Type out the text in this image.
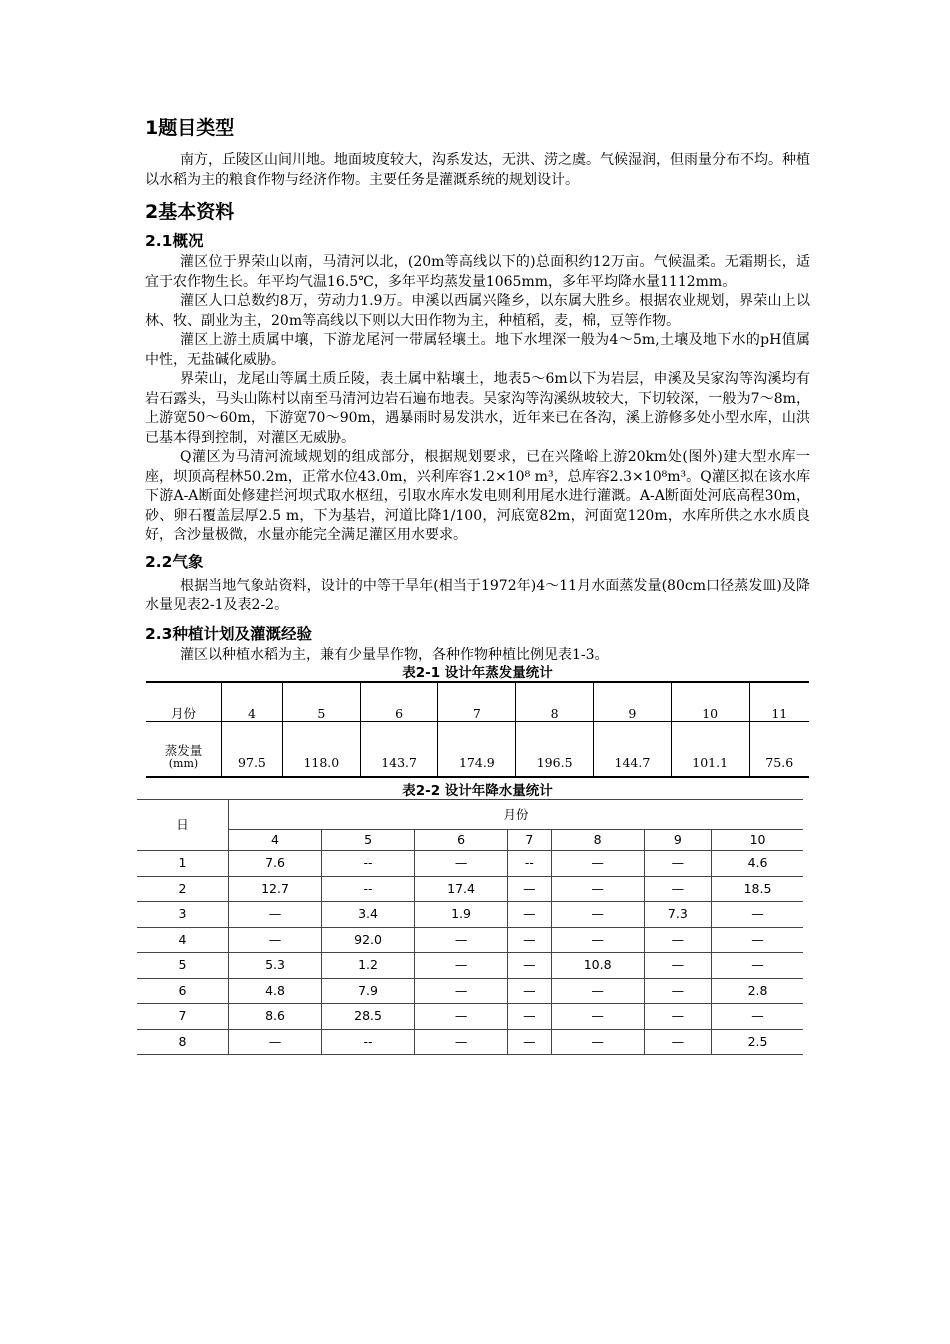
1题目类型

南方，丘陵区山间川地。地面坡度较大，沟系发达，无洪、涝之虞。气候湿润，但雨量分布不均。种植以水稻为主的粮食作物与经济作物。主要任务是灌溉系统的规划设计。

2基本资料
2.1概况

灌区位于界荣山以南，马清河以北，(20m等高线以下的)总面积约12万亩。气候温柔。无霜期长，适宜于农作物生长。年平均气温16.5℃，多年平均蒸发量1065mm，多年平均降水量1112mm。

灌区人口总数约8万，劳动力1.9万。申溪以西属兴隆乡，以东属大胜乡。根据农业规划，界荣山上以林、牧、副业为主，20m等高线以下则以大田作物为主，种植稻，麦，棉，豆等作物。

灌区上游土质属中壤，下游龙尾河一带属轻壤土。地下水埋深一般为4～5m,土壤及地下水的pH值属中性，无盐碱化威胁。

界荣山，龙尾山等属土质丘陵，表土属中粘壤土，地表5～6m以下为岩层，申溪及吴家沟等沟溪均有岩石露头，马头山陈村以南至马清河边岩石遍布地表。吴家沟等沟溪纵坡较大，下切较深，一般为7～8m，上游宽50～60m，下游宽70～90m，遇暴雨时易发洪水，近年来已在各沟，溪上游修多处小型水库，山洪已基本得到控制，对灌区无威胁。

Q灌区为马清河流域规划的组成部分，根据规划要求，已在兴隆峪上游20km处(图外)建大型水库一座，坝顶高程林50.2m，正常水位43.0m，兴利库容1.2×10⁸ m³，总库容2.3×10⁸m³。Q灌区拟在该水库下游A-A断面处修建拦河坝式取水枢纽，引取水库水发电则利用尾水进行灌溉。A-A断面处河底高程30m，砂、卵石覆盖层厚2.5 m，下为基岩，河道比降1/100，河底宽82m，河面宽120m，水库所供之水水质良好，含沙量极微，水量亦能完全满足灌区用水要求。

2.2气象

根据当地气象站资料，设计的中等干旱年(相当于1972年)4～11月水面蒸发量(80cm口径蒸发皿)及降水量见表2-1及表2-2。

2.3种植计划及灌溉经验

灌区以种植水稻为主，兼有少量旱作物，各种作物种植比例见表1-3。

表2-1 设计年蒸发量统计
月份	4	5	6	7	8	9	10	11
蒸发量
(mm)	97.5	118.0	143.7	174.9	196.5	144.7	101.1	75.6
表2-2 设计年降水量统计
日	月份						
	4	5	6	7	8	9	10
1	7.6	--	—	--	—	—	4.6
2	12.7	--	17.4	—	—	—	18.5
3	—	3.4	1.9	—	—	7.3	—
4	—	92.0	—	—	—	—	—
5	5.3	1.2	—	—	10.8	—	—
6	4.8	7.9	—	—	—	—	2.8
7	8.6	28.5	—	—	—	—	—
8	—	--	—	—	—	—	2.5
